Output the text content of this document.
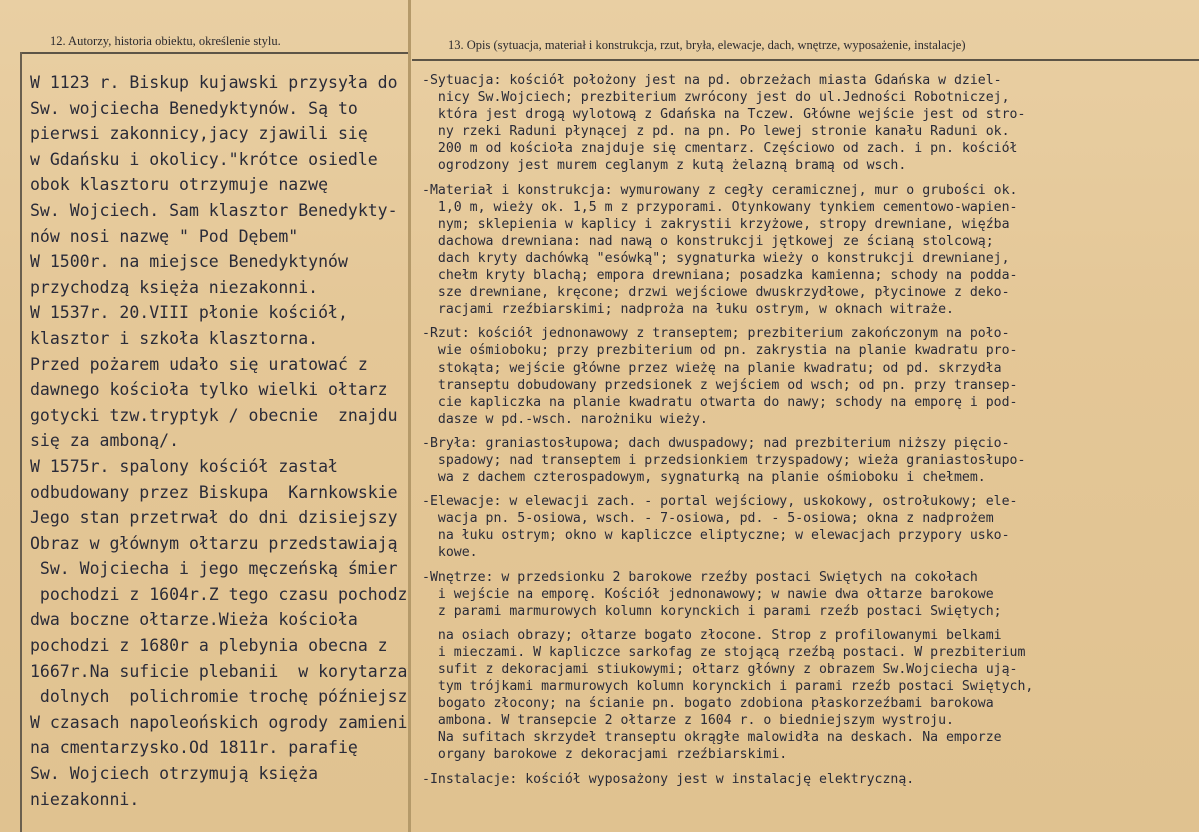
12. Autorzy, historia obiektu, określenie stylu.	13. Opis (sytuacja, materiał i konstrukcja, rzut, bryła, elewacje, dach, wnętrze, wyposażenie, instalacje)
W 1123 r. Biskup kujawski przysyła do
Sw. wojciecha Benedyktynów. Są to
pierwsi zakonnicy,jacy zjawili się
w Gdańsku i okolicy."krótce osiedle
obok klasztoru otrzymuje nazwę
Sw. Wojciech. Sam klasztor Benedykty-
nów nosi nazwę " Pod Dębem"
W 1500r. na miejsce Benedyktynów
przychodzą księża niezakonni.
W 1537r. 20.VIII płonie kościół,
klasztor i szkoła klasztorna.
Przed pożarem udało się uratować z
dawnego kościoła tylko wielki ołtarz
gotycki tzw.tryptyk / obecnie  znajdu
się za amboną/.
W 1575r. spalony kościół zastał
odbudowany przez Biskupa  Karnkowskie
Jego stan przetrwał do dni dzisiejszy
Obraz w głównym ołtarzu przedstawiają
Sw. Wojciecha i jego męczeńską śmier
pochodzi z 1604r.Z tego czasu pochodz
dwa boczne ołtarze.Wieża kościoła
pochodzi z 1680r a plebynia obecna z
1667r.Na suficie plebanii  w korytarza
dolnych  polichromie trochę późniejsz
W czasach napoleońskich ogrody zamieni
na cmentarzysko.Od 1811r. parafię
Sw. Wojciech otrzymują księża
niezakonni.
-Sytuacja: kościół położony jest na pd. obrzeżach miasta Gdańska w dziel-
nicy Sw.Wojciech; prezbiterium zwrócony jest do ul.Jedności Robotniczej,
która jest drogą wylotową z Gdańska na Tczew. Główne wejście jest od stro-
ny rzeki Raduni płynącej z pd. na pn. Po lewej stronie kanału Raduni ok.
200 m od kościoła znajduje się cmentarz. Częściowo od zach. i pn. kościół
ogrodzony jest murem ceglanym z kutą żelazną bramą od wsch.
-Materiał i konstrukcja: wymurowany z cegły ceramicznej, mur o grubości ok.
1,0 m, wieży ok. 1,5 m z przyporami. Otynkowany tynkiem cementowo-wapien-
nym; sklepienia w kaplicy i zakrystii krzyżowe, stropy drewniane, więźba
dachowa drewniana: nad nawą o konstrukcji jętkowej ze ścianą stolcową;
dach kryty dachówką "esówką"; sygnaturka wieży o konstrukcji drewnianej,
chełm kryty blachą; empora drewniana; posadzka kamienna; schody na podda-
sze drewniane, kręcone; drzwi wejściowe dwuskrzydłowe, płycinowe z deko-
racjami rzeźbiarskimi; nadproża na łuku ostrym, w oknach witraże.
-Rzut: kościół jednonawowy z transeptem; prezbiterium zakończonym na poło-
wie ośmioboku; przy prezbiterium od pn. zakrystia na planie kwadratu pro-
stokąta; wejście główne przez wieżę na planie kwadratu; od pd. skrzydła
transeptu dobudowany przedsionek z wejściem od wsch; od pn. przy transep-
cie kapliczka na planie kwadratu otwarta do nawy; schody na emporę i pod-
dasze w pd.-wsch. narożniku wieży.
-Bryła: graniastosłupowa; dach dwuspadowy; nad prezbiterium niższy pięcio-
spadowy; nad transeptem i przedsionkiem trzyspadowy; wieża graniastosłupo-
wa z dachem czterospadowym, sygnaturką na planie ośmioboku i chełmem.
-Elewacje: w elewacji zach. - portal wejściowy, uskokowy, ostrołukowy; ele-
wacja pn. 5-osiowa, wsch. - 7-osiowa, pd. - 5-osiowa; okna z nadprożem
na łuku ostrym; okno w kapliczce eliptyczne; w elewacjach przypory usko-
kowe.
-Wnętrze: w przedsionku 2 barokowe rzeźby postaci Swiętych na cokołach
i wejście na emporę. Kościół jednonawowy; w nawie dwa ołtarze barokowe
z parami marmurowych kolumn korynckich i parami rzeźb postaci Swiętych;
na osiach obrazy; ołtarze bogato złocone. Strop z profilowanymi belkami
i mieczami. W kapliczce sarkofag ze stojącą rzeźbą postaci. W prezbiterium
sufit z dekoracjami stiukowymi; ołtarz główny z obrazem Sw.Wojciecha ują-
tym trójkami marmurowych kolumn korynckich i parami rzeźb postaci Swiętych,
bogato złocony; na ścianie pn. bogato zdobiona płaskorzeźbami barokowa
ambona. W transepcie 2 ołtarze z 1604 r. o biedniejszym wystroju.
Na sufitach skrzydeł transeptu okrągłe malowidła na deskach. Na emporze
organy barokowe z dekoracjami rzeźbiarskimi.
-Instalacje: kościół wyposażony jest w instalację elektryczną.
